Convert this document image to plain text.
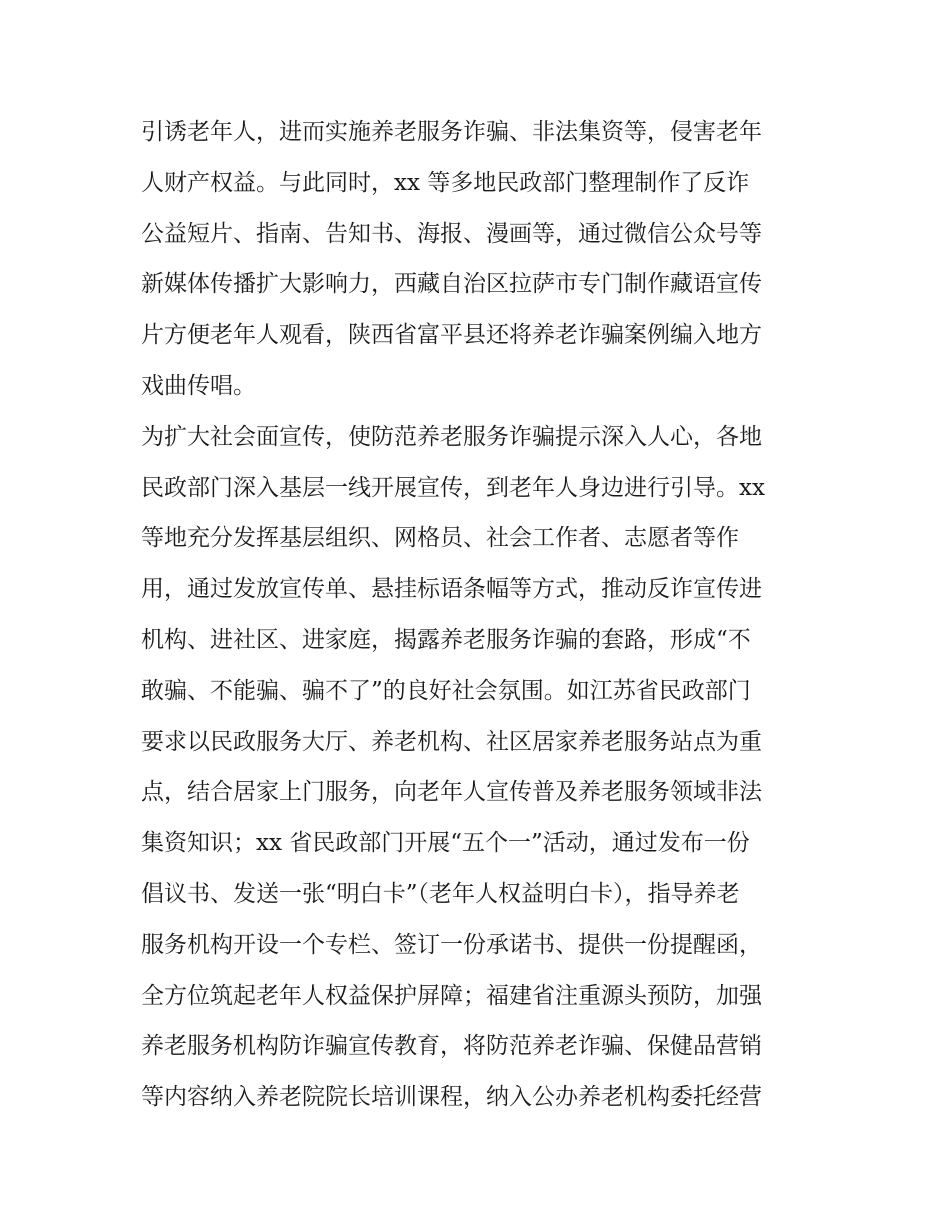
引诱老年人，进而实施养老服务诈骗、非法集资等，侵害老年
人财产权益。与此同时，xx 等多地民政部门整理制作了反诈
公益短片、指南、告知书、海报、漫画等，通过微信公众号等
新媒体传播扩大影响力，西藏自治区拉萨市专门制作藏语宣传
片方便老年人观看，陕西省富平县还将养老诈骗案例编入地方
戏曲传唱。
为扩大社会面宣传，使防范养老服务诈骗提示深入人心，各地
民政部门深入基层一线开展宣传，到老年人身边进行引导。xx
等地充分发挥基层组织、网格员、社会工作者、志愿者等作
用，通过发放宣传单、悬挂标语条幅等方式，推动反诈宣传进
机构、进社区、进家庭，揭露养老服务诈骗的套路，形成“不
敢骗、不能骗、骗不了”的良好社会氛围。如江苏省民政部门
要求以民政服务大厅、养老机构、社区居家养老服务站点为重
点，结合居家上门服务，向老年人宣传普及养老服务领域非法
集资知识；xx 省民政部门开展“五个一”活动，通过发布一份
倡议书、发送一张“明白卡”（老年人权益明白卡），指导养老
服务机构开设一个专栏、签订一份承诺书、提供一份提醒函，
全方位筑起老年人权益保护屏障；福建省注重源头预防，加强
养老服务机构防诈骗宣传教育，将防范养老诈骗、保健品营销
等内容纳入养老院院长培训课程，纳入公办养老机构委托经营
